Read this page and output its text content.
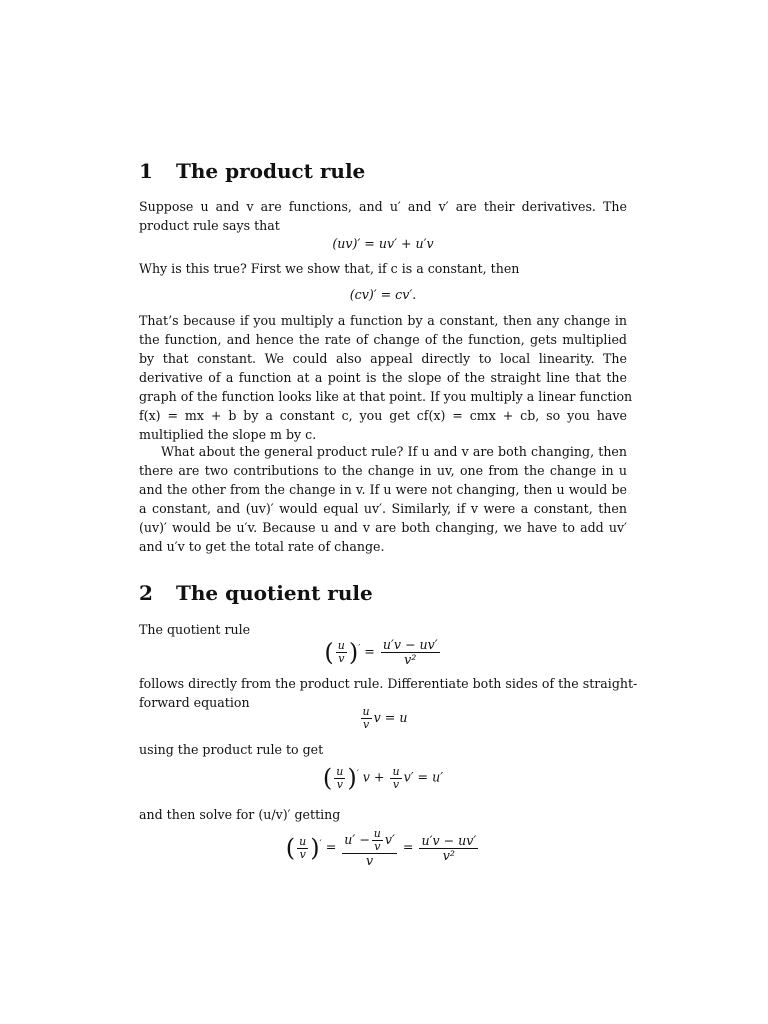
1 The product rule
Suppose u and v are functions, and u′ and v′ are their derivatives. The
product rule says that
(uv)′ = uv′ + u′v
Why is this true? First we show that, if c is a constant, then
(cv)′ = cv′.
That’s because if you multiply a function by a constant, then any change in
the function, and hence the rate of change of the function, gets multiplied
by that constant. We could also appeal directly to local linearity. The
derivative of a function at a point is the slope of the straight line that the
graph of the function looks like at that point. If you multiply a linear function
f(x) = mx + b by a constant c, you get cf(x) = cmx + cb, so you have
multiplied the slope m by c.
What about the general product rule? If u and v are both changing, then
there are two contributions to the change in uv, one from the change in u
and the other from the change in v. If u were not changing, then u would be
a constant, and (uv)′ would equal uv′. Similarly, if v were a constant, then
(uv)′ would be u′v. Because u and v are both changing, we have to add uv′
and u′v to get the total rate of change.
2 The quotient rule
The quotient rule
( $\frac{u}{v} )' = \frac{u'v - uv'}{\text{v²}}$
follows directly from the product rule. Differentiate both sides of the straight-
forward equation
$\frac{u}{v}$ v = u
using the product rule to get
( $\frac{u}{v} )'$ $v + \frac{u}{v} v' = u'$
and then solve for (u/v)′ getting
( $\frac{u}{v} )' = \frac{u' - \frac{u}{v} v'}{v} = \frac{u'v - uv'}{\text{v²}}$
